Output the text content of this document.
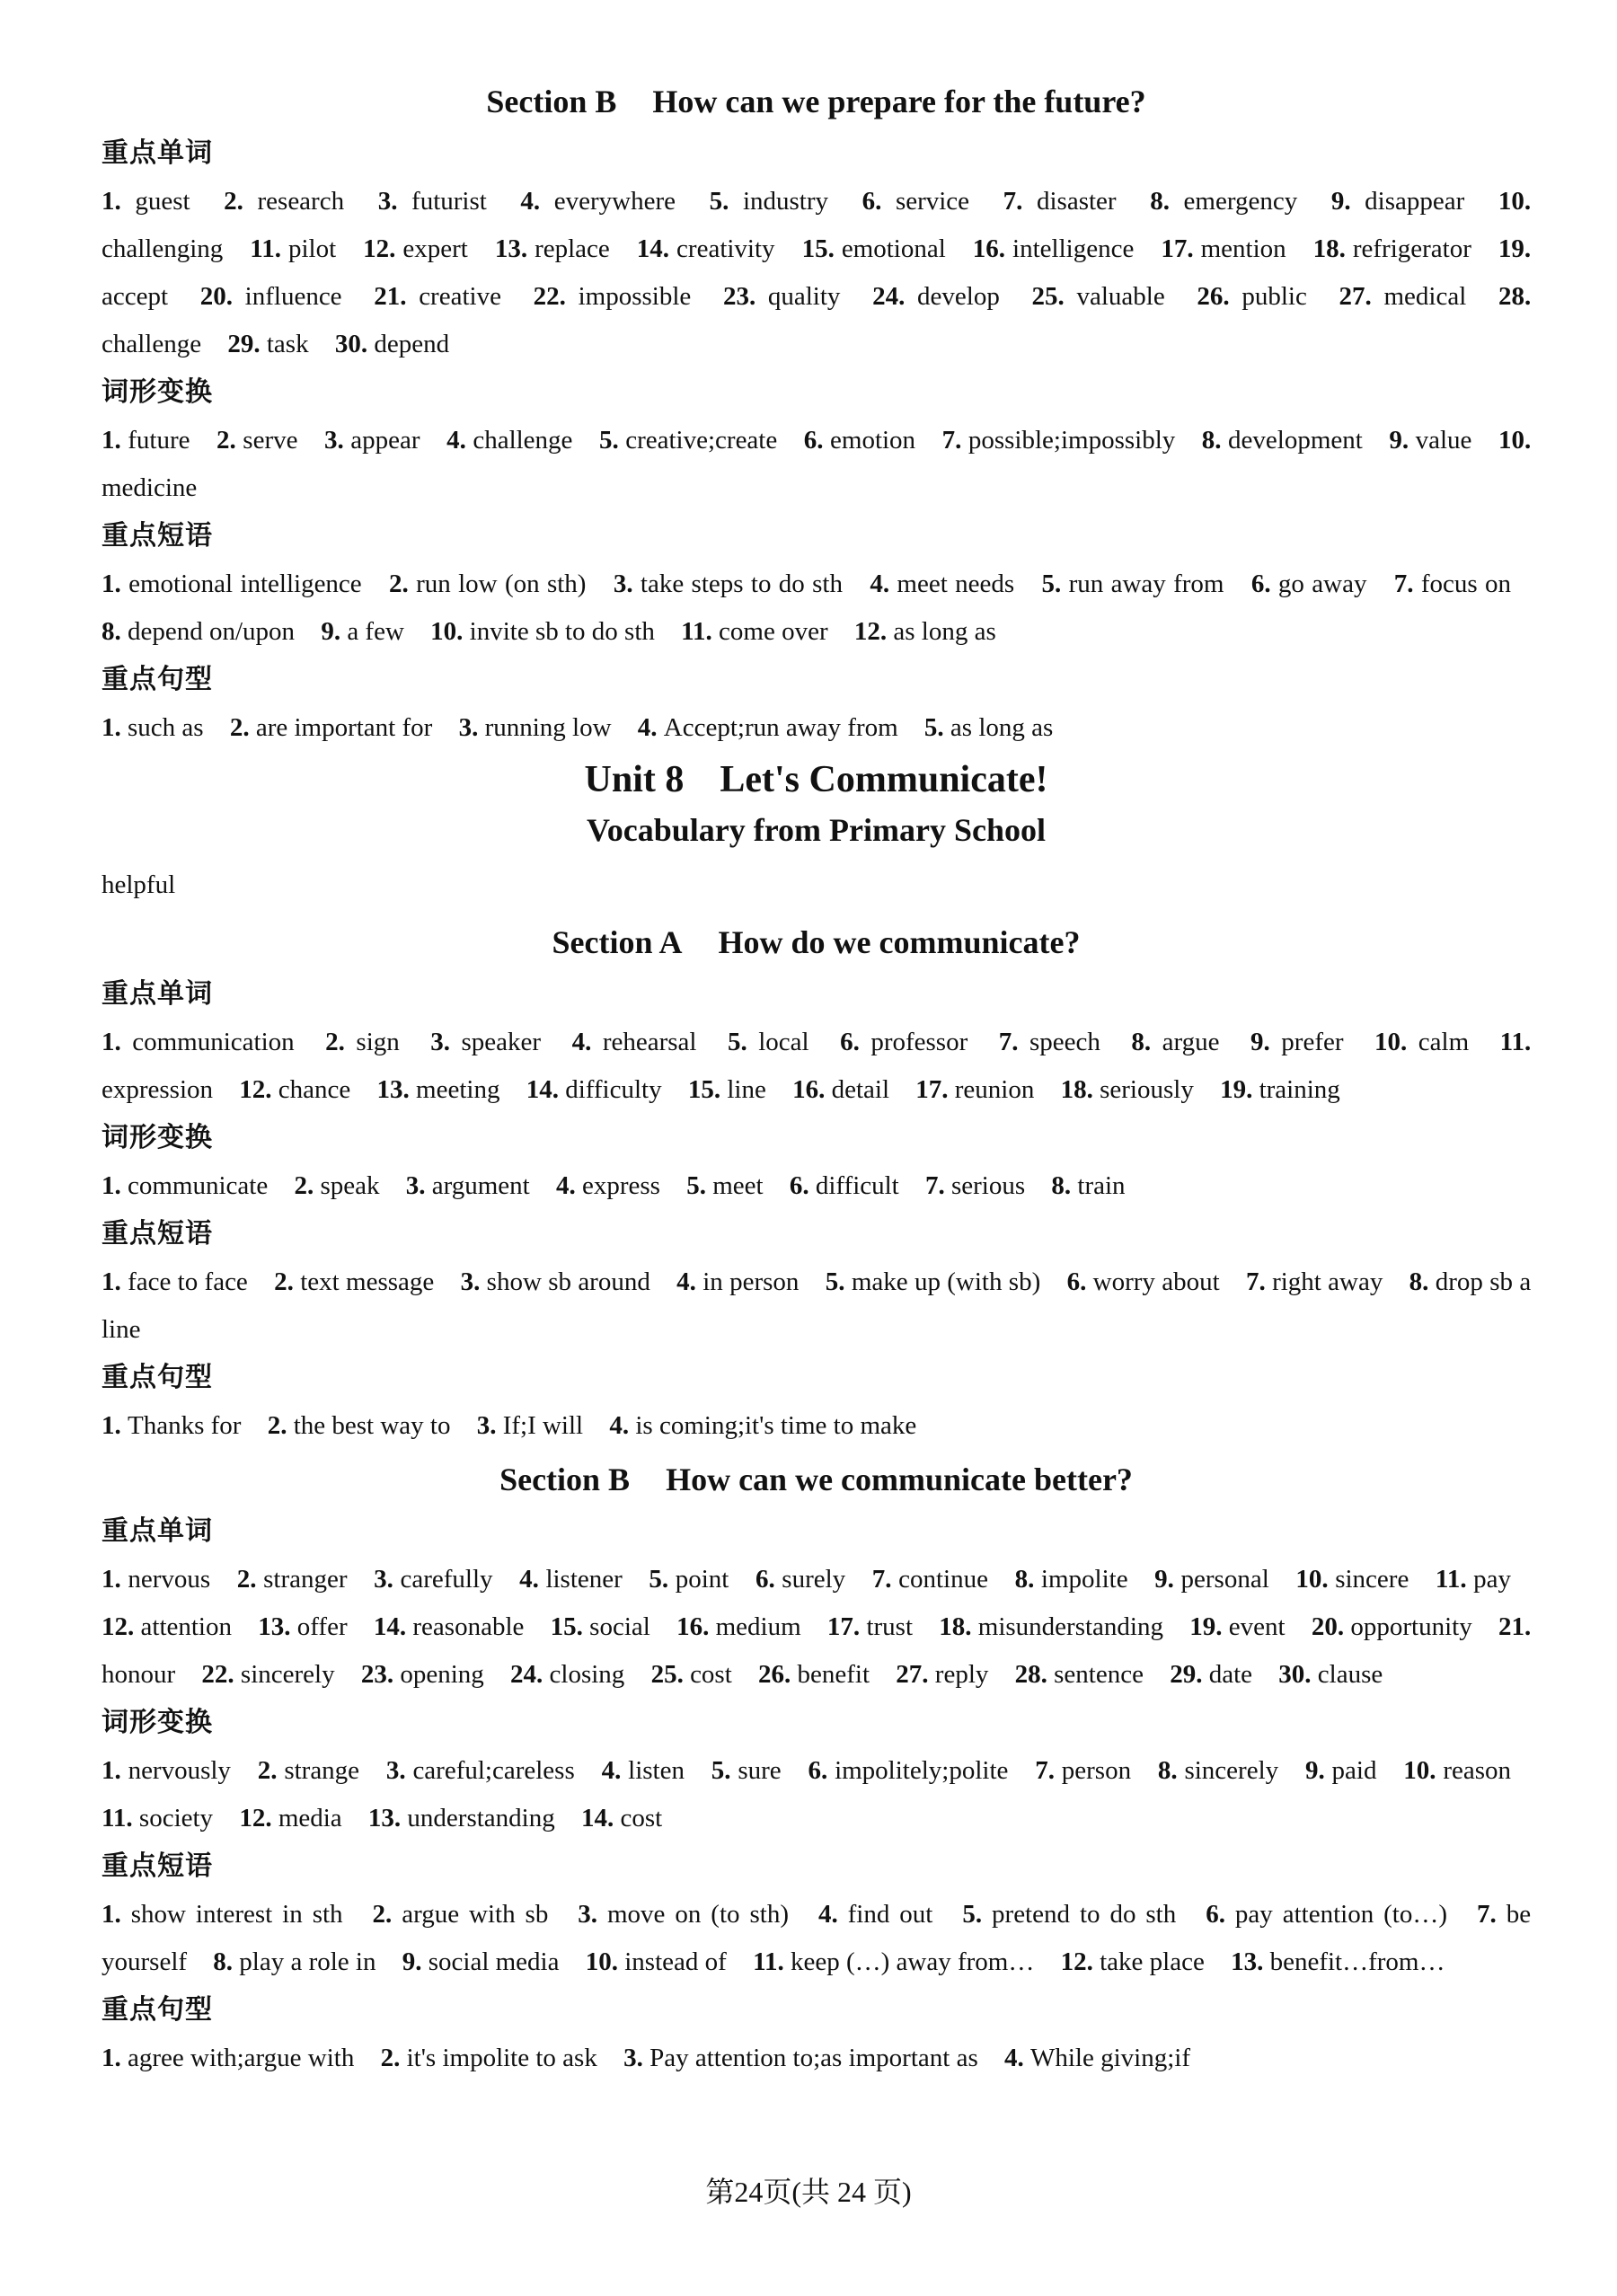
Section B How can we prepare for the future?
重点单词
1. guest 2. research 3. futurist 4. everywhere 5. industry 6. service 7. disaster 8. emergency 9. disappear 10. challenging 11. pilot 12. expert 13. replace 14. creativity 15. emotional 16. intelligence 17. mention 18. refrigerator 19. accept 20. influence 21. creative 22. impossible 23. quality 24. develop 25. valuable 26. public 27. medical 28. challenge 29. task 30. depend
词形变换
1. future 2. serve 3. appear 4. challenge 5. creative;create 6. emotion 7. possible;impossibly 8. development 9. value 10. medicine
重点短语
1. emotional intelligence 2. run low (on sth) 3. take steps to do sth 4. meet needs 5. run away from 6. go away 7. focus on 8. depend on/upon 9. a few 10. invite sb to do sth 11. come over 12. as long as
重点句型
1. such as 2. are important for 3. running low 4. Accept;run away from 5. as long as
Unit 8 Let's Communicate!
Vocabulary from Primary School
helpful
Section A How do we communicate?
重点单词
1. communication 2. sign 3. speaker 4. rehearsal 5. local 6. professor 7. speech 8. argue 9. prefer 10. calm 11. expression 12. chance 13. meeting 14. difficulty 15. line 16. detail 17. reunion 18. seriously 19. training
词形变换
1. communicate 2. speak 3. argument 4. express 5. meet 6. difficult 7. serious 8. train
重点短语
1. face to face 2. text message 3. show sb around 4. in person 5. make up (with sb) 6. worry about 7. right away 8. drop sb a line
重点句型
1. Thanks for 2. the best way to 3. If;I will 4. is coming;it's time to make
Section B How can we communicate better?
重点单词
1. nervous 2. stranger 3. carefully 4. listener 5. point 6. surely 7. continue 8. impolite 9. personal 10. sincere 11. pay 12. attention 13. offer 14. reasonable 15. social 16. medium 17. trust 18. misunderstanding 19. event 20. opportunity 21. honour 22. sincerely 23. opening 24. closing 25. cost 26. benefit 27. reply 28. sentence 29. date 30. clause
词形变换
1. nervously 2. strange 3. careful;careless 4. listen 5. sure 6. impolitely;polite 7. person 8. sincerely 9. paid 10. reason 11. society 12. media 13. understanding 14. cost
重点短语
1. show interest in sth 2. argue with sb 3. move on (to sth) 4. find out 5. pretend to do sth 6. pay attention (to…) 7. be yourself 8. play a role in 9. social media 10. instead of 11. keep (…) away from… 12. take place 13. benefit…from…
重点句型
1. agree with;argue with 2. it's impolite to ask 3. Pay attention to;as important as 4. While giving;if
第24页(共 24 页)
